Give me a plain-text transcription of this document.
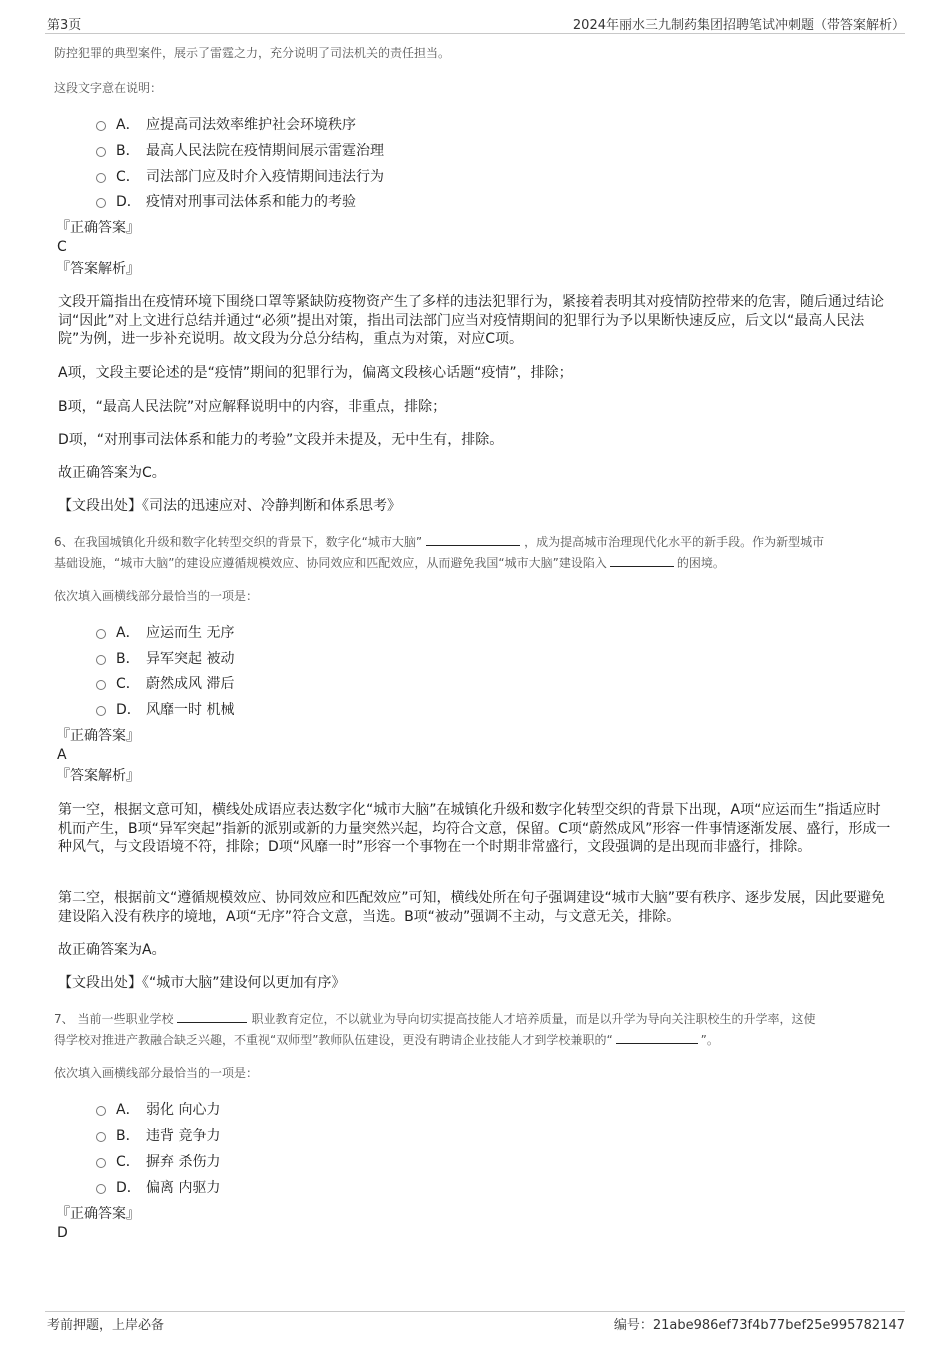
第3页	2024年丽水三九制药集团招聘笔试冲刺题（带答案解析）
防控犯罪的典型案件，展示了雷霆之力，充分说明了司法机关的责任担当。
这段文字意在说明：
A． 应提高司法效率维护社会环境秩序
B． 最高人民法院在疫情期间展示雷霆治理
C． 司法部门应及时介入疫情期间违法行为
D． 疫情对刑事司法体系和能力的考验
『正确答案』
C
『答案解析』
文段开篇指出在疫情环境下围绕口罩等紧缺防疫物资产生了多样的违法犯罪行为，紧接着表明其对疫情防控带来的危害，随后通过结论词“因此”对上文进行总结并通过“必须”提出对策，指出司法部门应当对疫情期间的犯罪行为予以果断快速反应，后文以“最高人民法院”为例，进一步补充说明。故文段为分总分结构，重点为对策，对应C项。
A项，文段主要论述的是“疫情”期间的犯罪行为，偏离文段核心话题“疫情”，排除；
B项，“最高人民法院”对应解释说明中的内容，非重点，排除；
D项，“对刑事司法体系和能力的考验”文段并未提及，无中生有，排除。
故正确答案为C。
【文段出处】《司法的迅速应对、冷静判断和体系思考》
6、在我国城镇化升级和数字化转型交织的背景下，数字化“城市大脑”	，成为提高城市治理现代化水平的新手段。作为新型城市
基础设施，“城市大脑”的建设应遵循规模效应、协同效应和匹配效应，从而避免我国“城市大脑”建设陷入	的困境。
依次填入画横线部分最恰当的一项是：
A． 应运而生 无序
B． 异军突起 被动
C． 蔚然成风 滞后
D． 风靡一时 机械
『正确答案』
A
『答案解析』
第一空，根据文意可知，横线处成语应表达数字化“城市大脑”在城镇化升级和数字化转型交织的背景下出现，A项“应运而生”指适应时机而产生，B项“异军突起”指新的派别或新的力量突然兴起，均符合文意，保留。C项“蔚然成风”形容一件事情逐渐发展、盛行，形成一种风气，与文段语境不符，排除；D项“风靡一时”形容一个事物在一个时期非常盛行，文段强调的是出现而非盛行，排除。
第二空，根据前文“遵循规模效应、协同效应和匹配效应”可知，横线处所在句子强调建设“城市大脑”要有秩序、逐步发展，因此要避免建设陷入没有秩序的境地，A项“无序”符合文意，当选。B项“被动”强调不主动，与文意无关，排除。
故正确答案为A。
【文段出处】《“城市大脑”建设何以更加有序》
7、 当前一些职业学校	职业教育定位，不以就业为导向切实提高技能人才培养质量，而是以升学为导向关注职校生的升学率，这使
得学校对推进产教融合缺乏兴趣，不重视“双师型”教师队伍建设，更没有聘请企业技能人才到学校兼职的“	”。
依次填入画横线部分最恰当的一项是：
A． 弱化 向心力
B． 违背 竞争力
C． 摒弃 杀伤力
D． 偏离 内驱力
『正确答案』
D
考前押题，上岸必备	编号：21abe986ef73f4b77bef25e995782147
